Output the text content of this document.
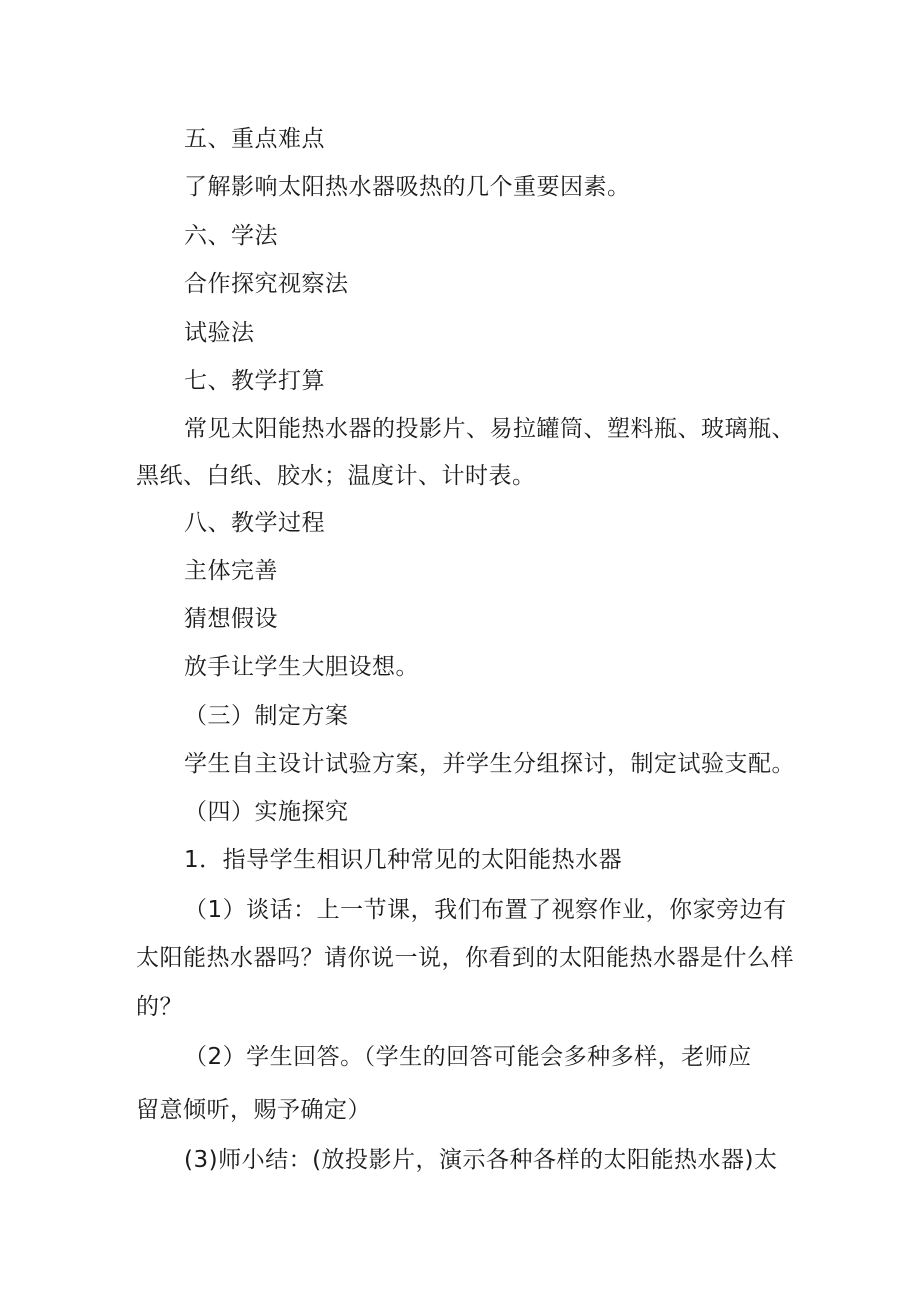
五、重点难点
了解影响太阳热水器吸热的几个重要因素。
六、学法
合作探究视察法
试验法
七、教学打算
常见太阳能热水器的投影片、易拉罐筒、塑料瓶、玻璃瓶、
黑纸、白纸、胶水；温度计、计时表。
八、教学过程
主体完善
猜想假设
放手让学生大胆设想。
（三）制定方案
学生自主设计试验方案，并学生分组探讨，制定试验支配。
（四）实施探究
1．指导学生相识几种常见的太阳能热水器
（1）谈话：上一节课，我们布置了视察作业，你家旁边有
太阳能热水器吗？请你说一说，你看到的太阳能热水器是什么样
的？
（2）学生回答。（学生的回答可能会多种多样，老师应
留意倾听，赐予确定）
(3)师小结：(放投影片，演示各种各样的太阳能热水器)太
